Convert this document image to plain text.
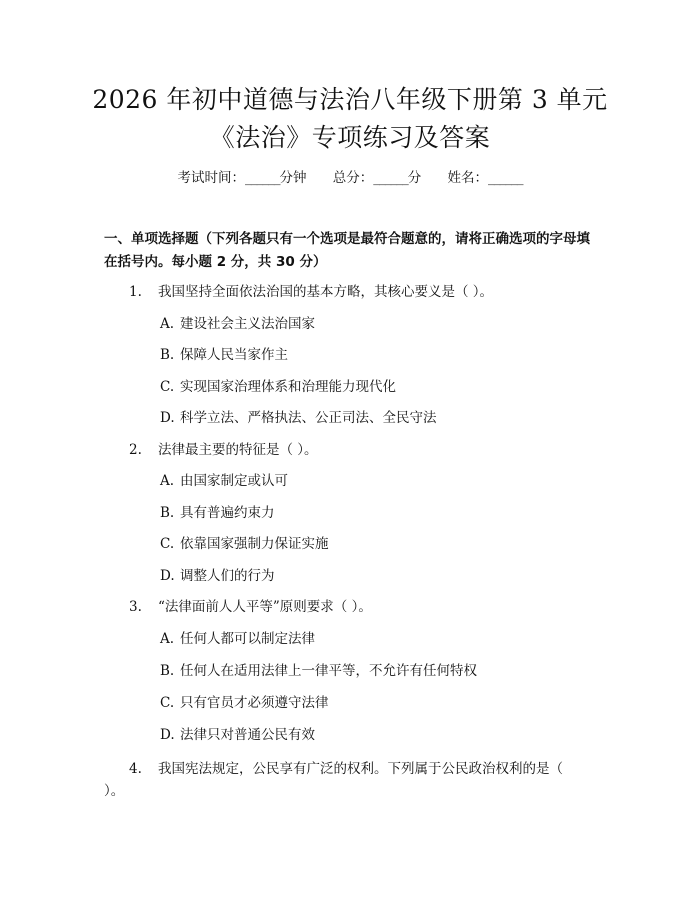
2026 年初中道德与法治八年级下册第 3 单元
《法治》专项练习及答案
考试时间：______分钟 总分：______分 姓名：______
一、单项选择题（下列各题只有一个选项是最符合题意的，请将正确选项的字母填在括号内。每小题 2 分，共 30 分）
1. 我国坚持全面依法治国的基本方略，其核心要义是（ ）。
A. 建设社会主义法治国家
B. 保障人民当家作主
C. 实现国家治理体系和治理能力现代化
D. 科学立法、严格执法、公正司法、全民守法
2. 法律最主要的特征是（ ）。
A. 由国家制定或认可
B. 具有普遍约束力
C. 依靠国家强制力保证实施
D. 调整人们的行为
3. “法律面前人人平等”原则要求（ ）。
A. 任何人都可以制定法律
B. 任何人在适用法律上一律平等，不允许有任何特权
C. 只有官员才必须遵守法律
D. 法律只对普通公民有效
4. 我国宪法规定，公民享有广泛的权利。下列属于公民政治权利的是（ ）。
